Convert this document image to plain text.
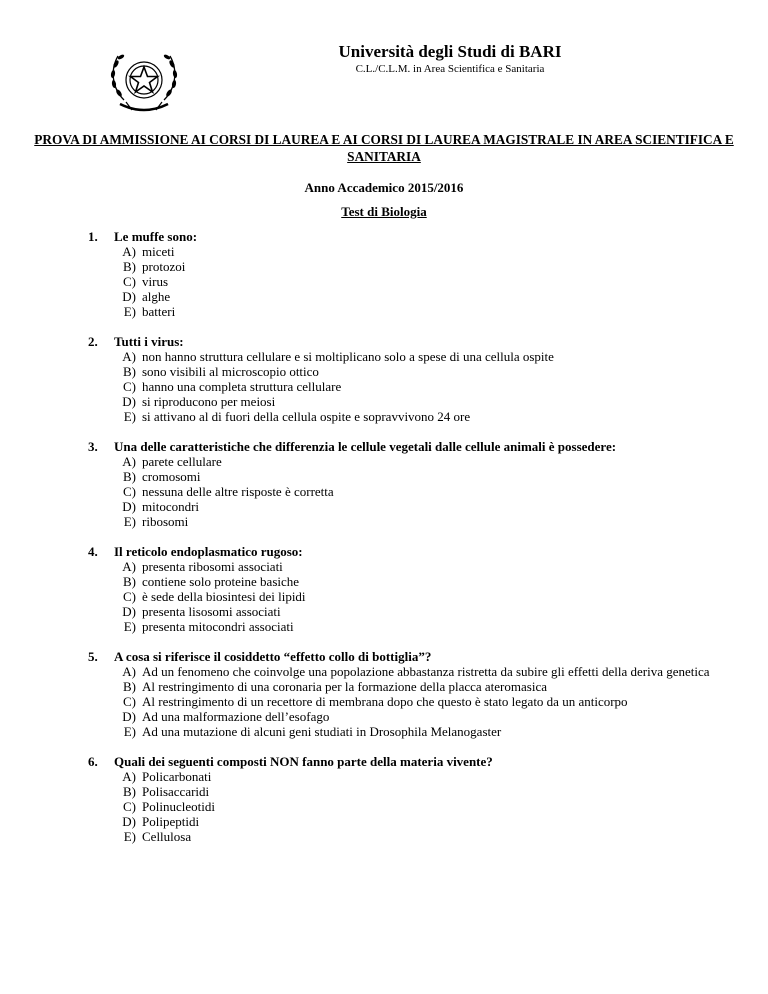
Università degli Studi di BARI
C.L./C.L.M. in Area Scientifica e Sanitaria
PROVA DI AMMISSIONE AI CORSI DI LAUREA E AI CORSI DI LAUREA MAGISTRALE IN AREA SCIENTIFICA E SANITARIA
Anno Accademico 2015/2016
Test di Biologia
1. Le muffe sono:
A) miceti
B) protozoi
C) virus
D) alghe
E) batteri
2. Tutti i virus:
A) non hanno struttura cellulare e si moltiplicano solo a spese di una cellula ospite
B) sono visibili al microscopio ottico
C) hanno una completa struttura cellulare
D) si riproducono per meiosi
E) si attivano al di fuori della cellula ospite e sopravvivono 24 ore
3. Una delle caratteristiche che differenzia le cellule vegetali dalle cellule animali è possedere:
A) parete cellulare
B) cromosomi
C) nessuna delle altre risposte è corretta
D) mitocondri
E) ribosomi
4. Il reticolo endoplasmatico rugoso:
A) presenta ribosomi associati
B) contiene solo proteine basiche
C) è sede della biosintesi dei lipidi
D) presenta lisosomi associati
E) presenta mitocondri associati
5. A cosa si riferisce il cosiddetto “effetto collo di bottiglia”?
A) Ad un fenomeno che coinvolge una popolazione abbastanza ristretta da subire gli effetti della deriva genetica
B) Al restringimento di una coronaria per la formazione della placca ateromasica
C) Al restringimento di un recettore di membrana dopo che questo è stato legato da un anticorpo
D) Ad una malformazione dell’esofago
E) Ad una mutazione di alcuni geni studiati in Drosophila Melanogaster
6. Quali dei seguenti composti NON fanno parte della materia vivente?
A) Policarbonati
B) Polisaccaridi
C) Polinucleotidi
D) Polipeptidi
E) Cellulosa
